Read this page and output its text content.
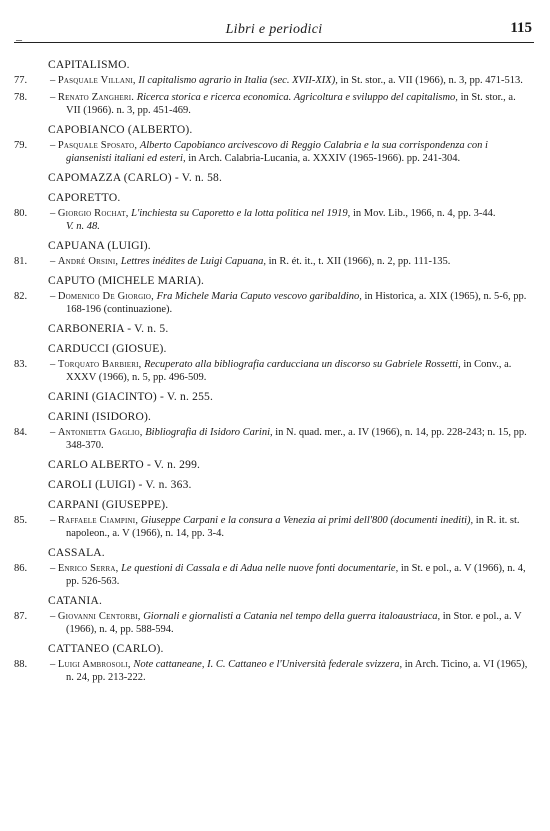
–
Libri e periodici	115
CAPITALISMO.
77.	– Pasquale Villani, Il capitalismo agrario in Italia (sec. XVII-XIX), in St. stor., a. VII (1966), n. 3, pp. 471-513.
78.	– Renato Zangheri. Ricerca storica e ricerca economica. Agricoltura e sviluppo del capitalismo, in St. stor., a. VII (1966). n. 3, pp. 451-469.
CAPOBIANCO (ALBERTO).
79.	– Pasquale Sposato, Alberto Capobianco arcivescovo di Reggio Calabria e la sua corrispondenza con i giansenisti italiani ed esteri, in Arch. Calabria-Lucania, a. XXXIV (1965-1966). pp. 241-304.
CAPOMAZZA (CARLO) - V. n. 58.
CAPORETTO.
80.	– Giorgio Rochat, L'inchiesta su Caporetto e la lotta politica nel 1919, in Mov. Lib., 1966, n. 4, pp. 3-44.
V. n. 48.
CAPUANA (LUIGI).
81.	– André Orsini, Lettres inédites de Luigi Capuana, in R. ét. it., t. XII (1966), n. 2, pp. 111-135.
CAPUTO (MICHELE MARIA).
82.	– Domenico De Giorgio, Fra Michele Maria Caputo vescovo garibaldino, in Historica, a. XIX (1965), n. 5-6, pp. 168-196 (continuazione).
CARBONERIA - V. n. 5.
CARDUCCI (GIOSUE).
83.	– Torquato Barbieri, Recuperato alla bibliografia carducciana un discorso su Gabriele Rossetti, in Conv., a. XXXV (1966), n. 5, pp. 496-509.
CARINI (GIACINTO) - V. n. 255.
CARINI (ISIDORO).
84.	– Antonietta Gaglio, Bibliografia di Isidoro Carini, in N. quad. mer., a. IV (1966), n. 14, pp. 228-243; n. 15, pp. 348-370.
CARLO ALBERTO - V. n. 299.
CAROLI (LUIGI) - V. n. 363.
CARPANI (GIUSEPPE).
85.	– Raffaele Ciampini, Giuseppe Carpani e la consura a Venezia ai primi dell'800 (documenti inediti), in R. it. st. napoleon., a. V (1966), n. 14, pp. 3-4.
CASSALA.
86.	– Enrico Serra, Le questioni di Cassala e di Adua nelle nuove fonti documentarie, in St. e pol., a. V (1966), n. 4, pp. 526-563.
CATANIA.
87.	– Giovanni Centorbi, Giornali e giornalisti a Catania nel tempo della guerra italoaustriaca, in Stor. e pol., a. V (1966), n. 4, pp. 588-594.
CATTANEO (CARLO).
88.	– Luigi Ambrosoli, Note cattaneane, I. C. Cattaneo e l'Università federale svizzera, in Arch. Ticino, a. VI (1965), n. 24, pp. 213-222.
